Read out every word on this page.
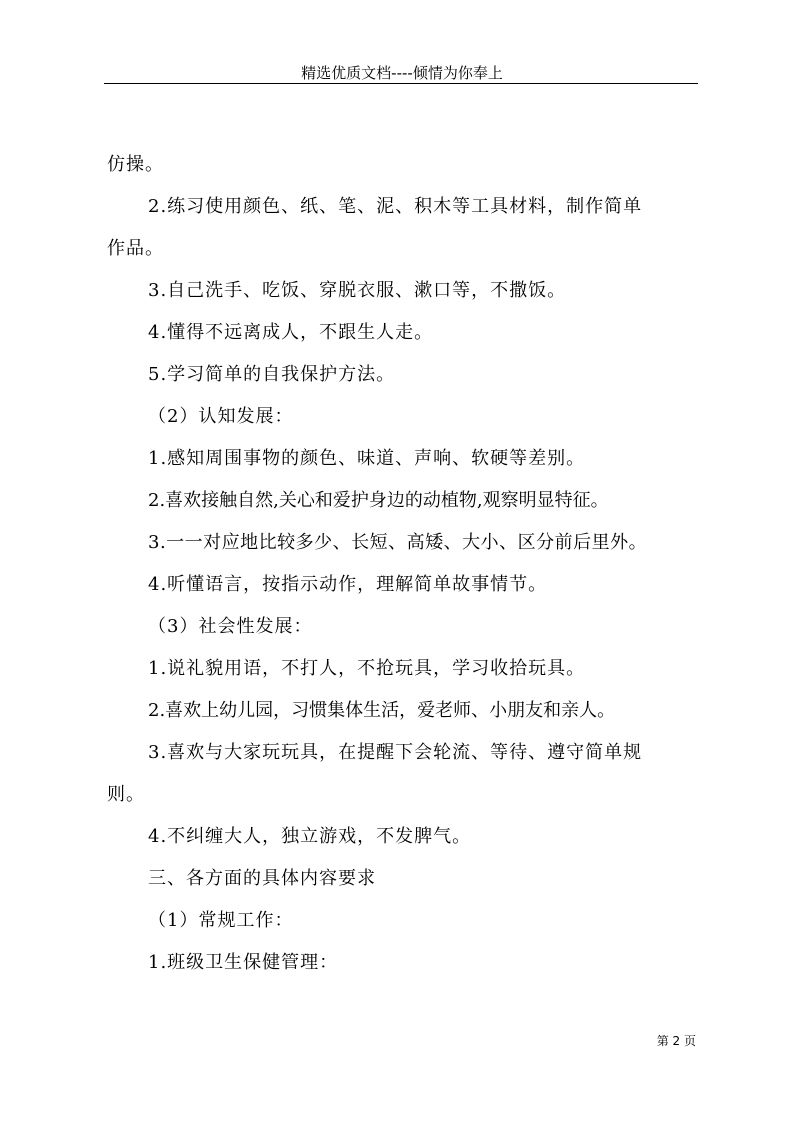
精选优质文档----倾情为你奉上
仿操。
2.练习使用颜色、纸、笔、泥、积木等工具材料，制作简单
作品。
3.自己洗手、吃饭、穿脱衣服、漱口等，不撒饭。
4.懂得不远离成人，不跟生人走。
5.学习简单的自我保护方法。
（2）认知发展：
1.感知周围事物的颜色、味道、声响、软硬等差别。
2.喜欢接触自然,关心和爱护身边的动植物,观察明显特征。
3.一一对应地比较多少、长短、高矮、大小、区分前后里外。
4.听懂语言，按指示动作，理解简单故事情节。
（3）社会性发展：
1.说礼貌用语，不打人，不抢玩具，学习收拾玩具。
2.喜欢上幼儿园，习惯集体生活，爱老师、小朋友和亲人。
3.喜欢与大家玩玩具，在提醒下会轮流、等待、遵守简单规
则。
4.不纠缠大人，独立游戏，不发脾气。
三、各方面的具体内容要求
（1）常规工作：
1.班级卫生保健管理：
第 2 页
